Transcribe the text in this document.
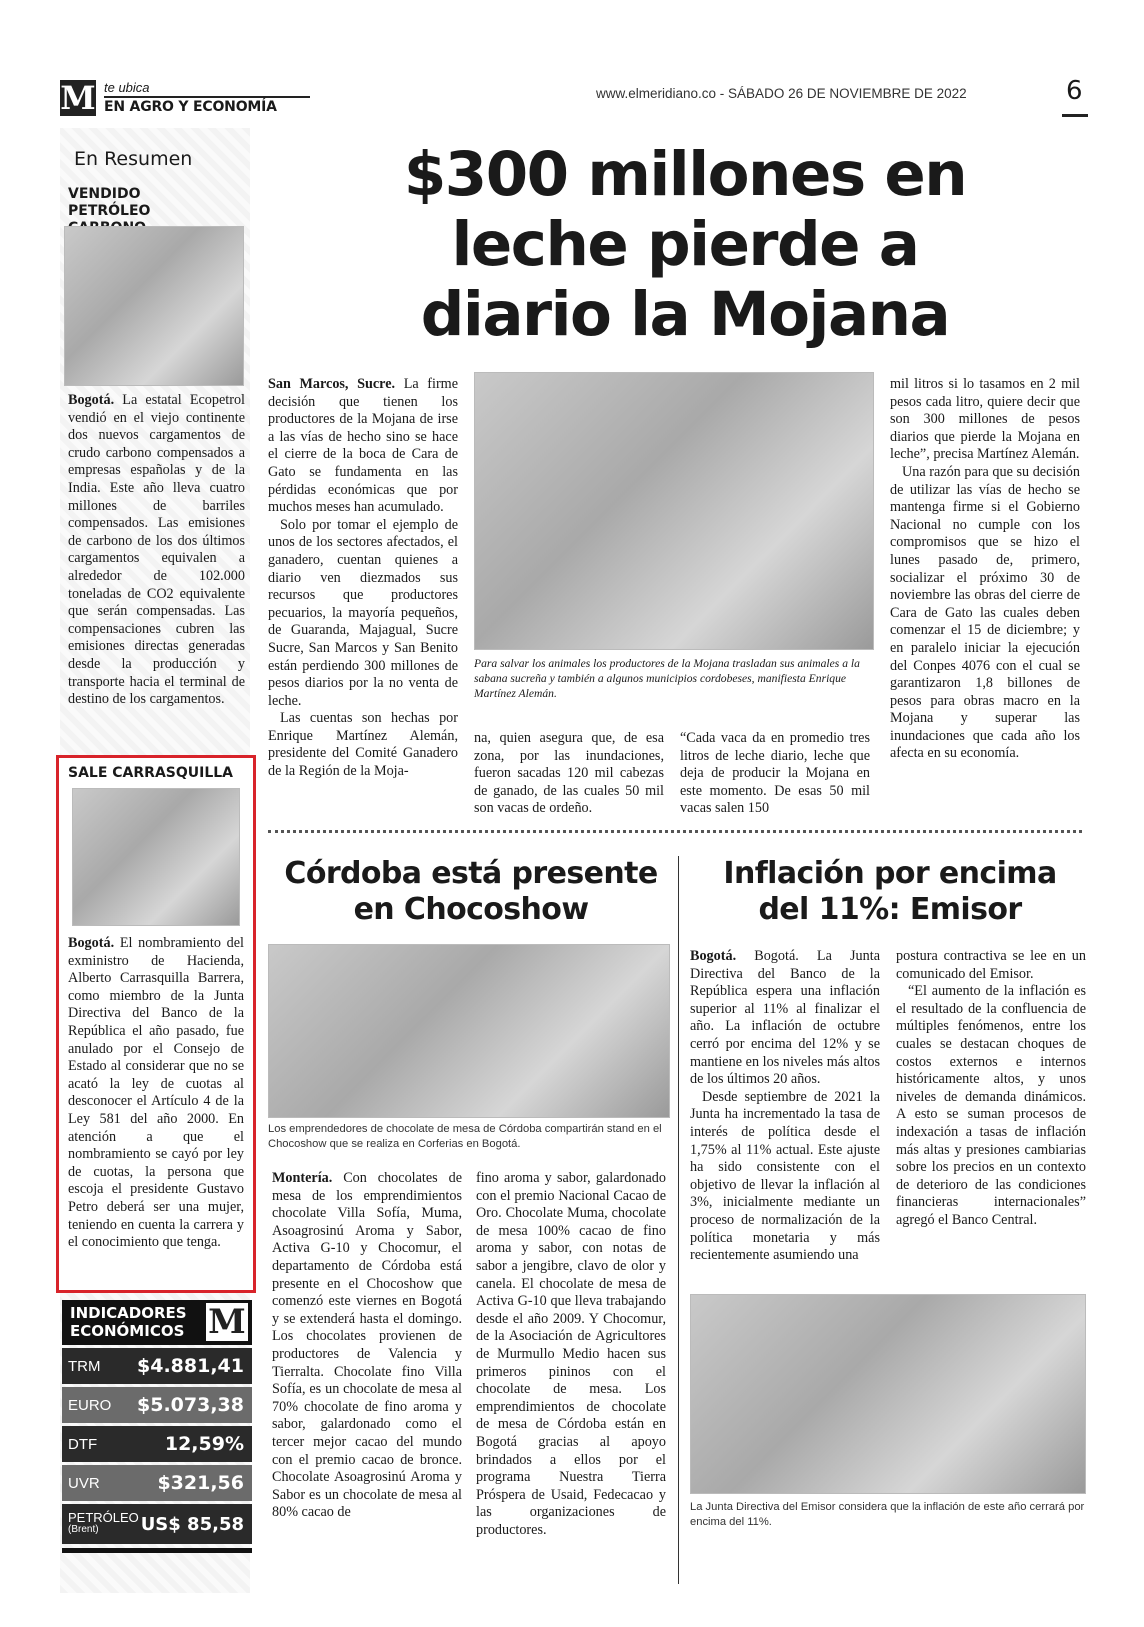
M te ubica
EN AGRO Y ECONOMÍA
www.elmeridiano.co - SÁBADO 26 DE NOVIEMBRE DE 2022	6
En Resumen
VENDIDO PETRÓLEO

Bogotá. La estatal Ecopetrol vendió en el viejo continente dos nuevos cargamentos de crudo carbono compensados a empresas españolas y de la India. Este año lleva cuatro millones de barriles compensados. Las emisiones de carbono de los dos últimos cargamentos equivalen a alrededor de 102.000 toneladas de CO2 equivalente que serán compensadas. Las compensaciones cubren las emisiones directas generadas desde la producción y transporte hacia el terminal de destino de los cargamentos.

SALE CARRASQUILLA

Bogotá. El nombramiento del exministro de Hacienda, Alberto Carrasquilla Barrera, como miembro de la Junta Directiva del Banco de la República el año pasado, fue anulado por el Consejo de Estado al considerar que no se acató la ley de cuotas al desconocer el Artículo 4 de la Ley 581 del año 2000. En atención a que el nombramiento se cayó por ley de cuotas, la persona que escoja el presidente Gustavo Petro deberá ser una mujer, teniendo en cuenta la carrera y el conocimiento que tenga.

INDICADORES
ECONÓMICOS M
TRM $4.881,41
EURO $5.073,38
DTF	12,59%
UVR	$321,56
PETRÓLEO
(Brent)	US$ 85,58
$300 millones en
leche pierde a
diario la Mojana
Para salvar los animales los productores de la Mojana trasladan sus animales a la sabana sucreña y también a algunos municipios cordobeses, manifiesta Enrique Martínez Alemán.

San Marcos, Sucre. La firme decisión que tienen los productores de la Mojana de irse a las vías de hecho sino se hace el cierre de la boca de Cara de Gato se fundamenta en las pérdidas económicas que por muchos meses han acumulado.

Solo por tomar el ejemplo de unos de los sectores afectados, el ganadero, cuentan quienes a diario ven diezmados sus recursos que productores pecuarios, la mayoría pequeños, de Guaranda, Majagual, Sucre Sucre, San Marcos y San Benito están perdiendo 300 millones de pesos diarios por la no venta de leche.

Las cuentas son hechas por Enrique Martínez Alemán, presidente del Comité Ganadero de la Región de la Moja-

na, quien asegura que, de esa zona, por las inundaciones, fueron sacadas 120 mil cabezas de ganado, de las cuales 50 mil son vacas de ordeño.

“Cada vaca da en promedio tres litros de leche diario, leche que deja de producir la Mojana en este momento. De esas 50 mil vacas salen 150

mil litros si lo tasamos en 2 mil pesos cada litro, quiere decir que son 300 millones de pesos diarios que pierde la Mojana en leche”, precisa Martínez Alemán.

Una razón para que su decisión de utilizar las vías de hecho se mantenga firme si el Gobierno Nacional no cumple con los compromisos que se hizo el lunes pasado de, primero, socializar el próximo 30 de noviembre las obras del cierre de Cara de Gato las cuales deben comenzar el 15 de diciembre; y en paralelo iniciar la ejecución del Conpes 4076 con el cual se garantizaron 1,8 billones de pesos para obras macro en la Mojana y superar las inundaciones que cada año los afecta en su economía.

Córdoba está presente
en Chocoshow
Los emprendedores de chocolate de mesa de Córdoba compartirán stand en el Chocoshow que se realiza en Corferias en Bogotá.

Montería. Con chocolates de mesa de los emprendimientos chocolate Villa Sofía, Muma, Asoagrosinú Aroma y Sabor, Activa G-10 y Chocomur, el departamento de Córdoba está presente en el Chocoshow que comenzó este viernes en Bogotá y se extenderá hasta el domingo. Los chocolates provienen de productores de Valencia y Tierralta. Chocolate fino Villa Sofía, es un chocolate de mesa al 70% chocolate de fino aroma y sabor, galardonado como el tercer mejor cacao del mundo con el premio cacao de bronce. Chocolate Asoagrosinú Aroma y Sabor es un chocolate de mesa al 80% cacao de

fino aroma y sabor, galardonado con el premio Nacional Cacao de Oro. Chocolate Muma, chocolate de mesa 100% cacao de fino aroma y sabor, con notas de sabor a jengibre, clavo de olor y canela. El chocolate de mesa de Activa G-10 que lleva trabajando desde el año 2009. Y Chocomur, de la Asociación de Agricultores de Murmullo Medio hacen sus primeros pininos con el chocolate de mesa. Los emprendimientos de chocolate de mesa de Córdoba están en Bogotá gracias al apoyo brindados a ellos por el programa Nuestra Tierra Próspera de Usaid, Fedecacao y las organizaciones de productores.

Inflación por encima
del 11%: Emisor

Bogotá. Bogotá. La Junta Directiva del Banco de la República espera una inflación superior al 11% al finalizar el año. La inflación de octubre cerró por encima del 12% y se mantiene en los niveles más altos de los últimos 20 años.

Desde septiembre de 2021 la Junta ha incrementado la tasa de interés de política desde el 1,75% al 11% actual. Este ajuste ha sido consistente con el objetivo de llevar la inflación al 3%, inicialmente mediante un proceso de normalización de la política monetaria y más recientemente asumiendo una

postura contractiva se lee en un comunicado del Emisor.

“El aumento de la inflación es el resultado de la confluencia de múltiples fenómenos, entre los cuales se destacan choques de costos externos e internos históricamente altos, y unos niveles de demanda dinámicos. A esto se suman procesos de indexación a tasas de inflación más altas y presiones cambiarias sobre los precios en un contexto de deterioro de las condiciones financieras internacionales” agregó el Banco Central.

La Junta Directiva del Emisor considera que la inflación de este año cerrará por encima del 11%.
